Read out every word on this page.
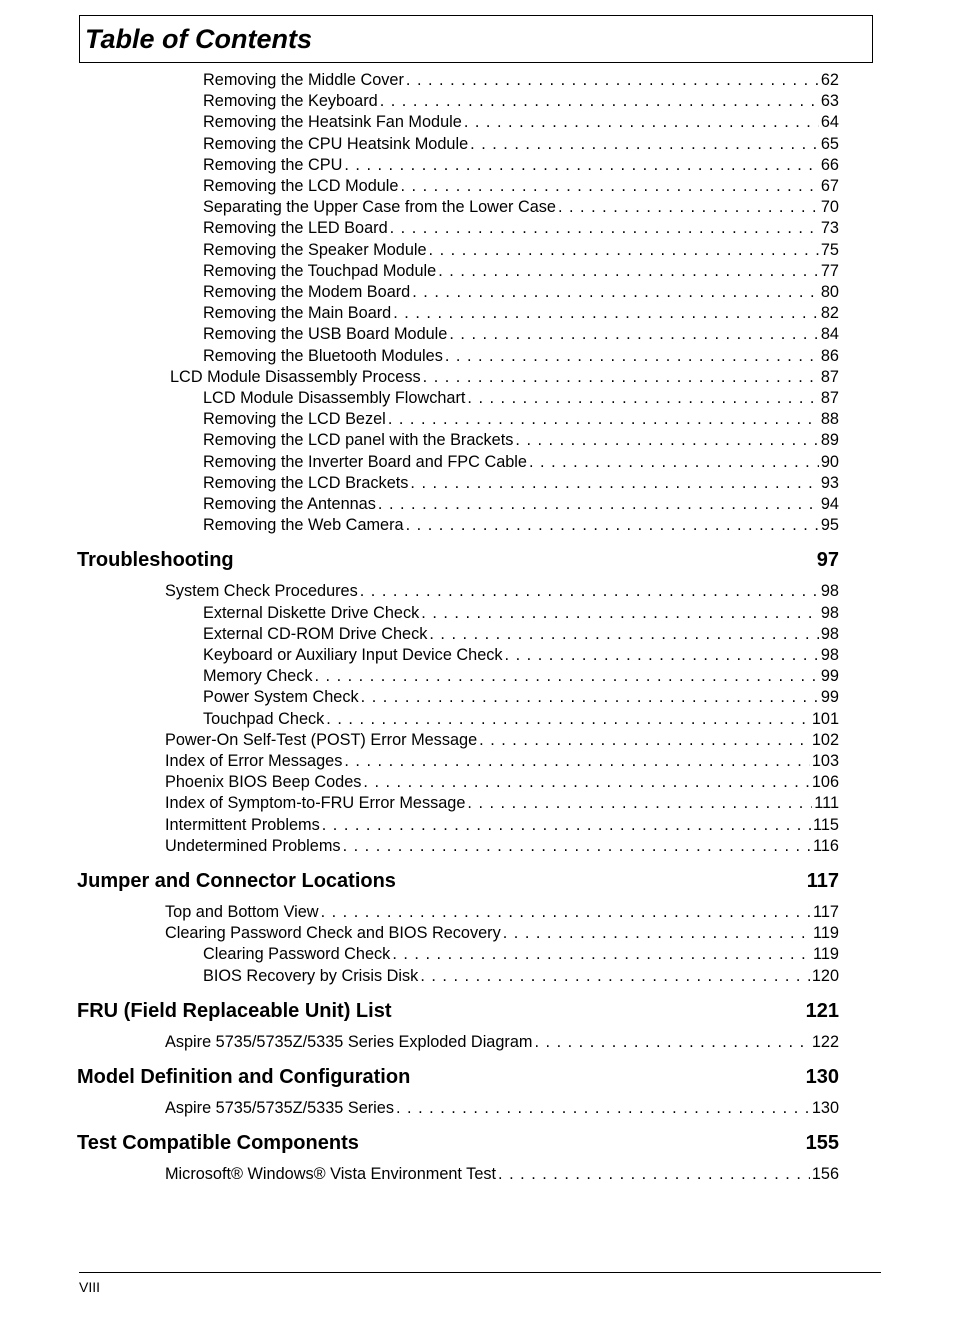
Table of Contents
Removing the Middle Cover . . .	62
Removing the Keyboard . . .	63
Removing the Heatsink Fan Module . . .	64
Removing the CPU Heatsink Module . . .	65
Removing the CPU . . .	66
Removing the LCD Module . . .	67
Separating the Upper Case from the Lower Case . . .	70
Removing the LED Board . . .	73
Removing the Speaker Module . . .	75
Removing the Touchpad Module . . .	77
Removing the Modem Board . . .	80
Removing the Main Board . . .	82
Removing the USB Board Module . . .	84
Removing the Bluetooth Modules . . .	86
LCD Module Disassembly Process . . .	87
LCD Module Disassembly Flowchart . . .	87
Removing the LCD Bezel . . .	88
Removing the LCD panel with the Brackets . . .	89
Removing the Inverter Board and FPC Cable . . .	90
Removing the LCD Brackets . . .	93
Removing the Antennas . . .	94
Removing the Web Camera . . .	95
Troubleshooting	97
System Check Procedures . . .	98
External Diskette Drive Check . . .	98
External CD-ROM Drive Check . . .	98
Keyboard or Auxiliary Input Device Check . . .	98
Memory Check . . .	99
Power System Check . . .	99
Touchpad Check . . .	101
Power-On Self-Test (POST) Error Message . . .	102
Index of Error Messages . . .	103
Phoenix BIOS Beep Codes . . .	106
Index of Symptom-to-FRU Error Message . . .	111
Intermittent Problems . . .	115
Undetermined Problems . . .	116
Jumper and Connector Locations	117
Top and Bottom View . . .	117
Clearing Password Check and BIOS Recovery . . .	119
Clearing Password Check . . .	119
BIOS Recovery by Crisis Disk . . .	120
FRU (Field Replaceable Unit) List	121
Aspire 5735/5735Z/5335 Series Exploded Diagram . . .	122
Model Definition and Configuration	130
Aspire 5735/5735Z/5335 Series . . .	130
Test Compatible Components	155
Microsoft® Windows® Vista Environment Test . . .	156
VIII
